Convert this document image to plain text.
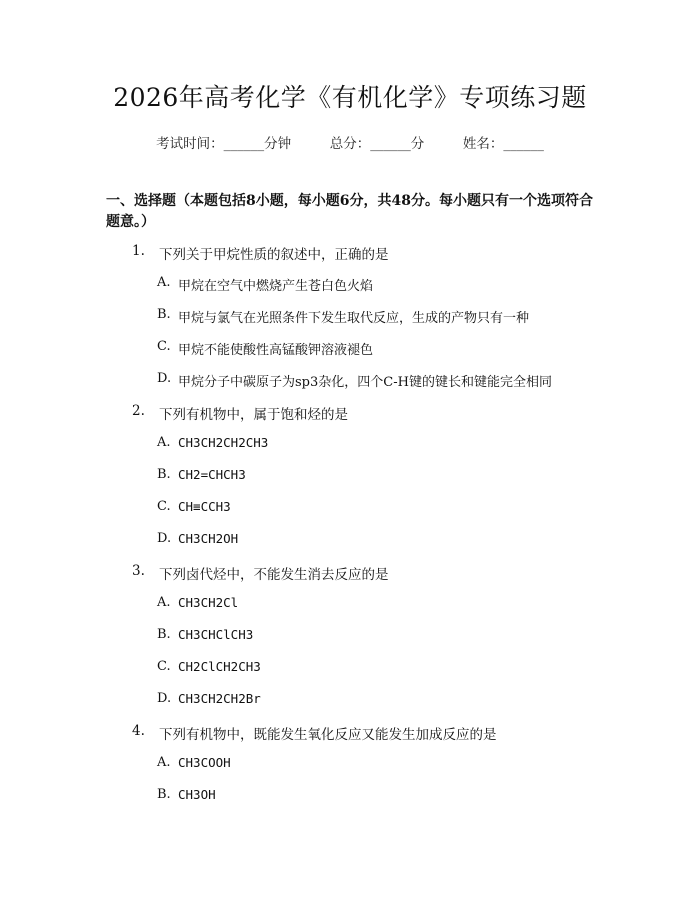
2026年高考化学《有机化学》专项练习题
考试时间：______分钟	总分：______分	姓名：______
一、选择题（本题包括8小题，每小题6分，共48分。每小题只有一个选项符合题意。）
1. 下列关于甲烷性质的叙述中，正确的是
A. 甲烷在空气中燃烧产生苍白色火焰
B. 甲烷与氯气在光照条件下发生取代反应，生成的产物只有一种
C. 甲烷不能使酸性高锰酸钾溶液褪色
D. 甲烷分子中碳原子为sp3杂化，四个C-H键的键长和键能完全相同
2. 下列有机物中，属于饱和烃的是
A. CH3CH2CH2CH3
B. CH2=CHCH3
C. CH≡CCH3
D. CH3CH2OH
3. 下列卤代烃中，不能发生消去反应的是
A. CH3CH2Cl
B. CH3CHClCH3
C. CH2ClCH2CH3
D. CH3CH2CH2Br
4. 下列有机物中，既能发生氧化反应又能发生加成反应的是
A. CH3COOH
B. CH3OH
